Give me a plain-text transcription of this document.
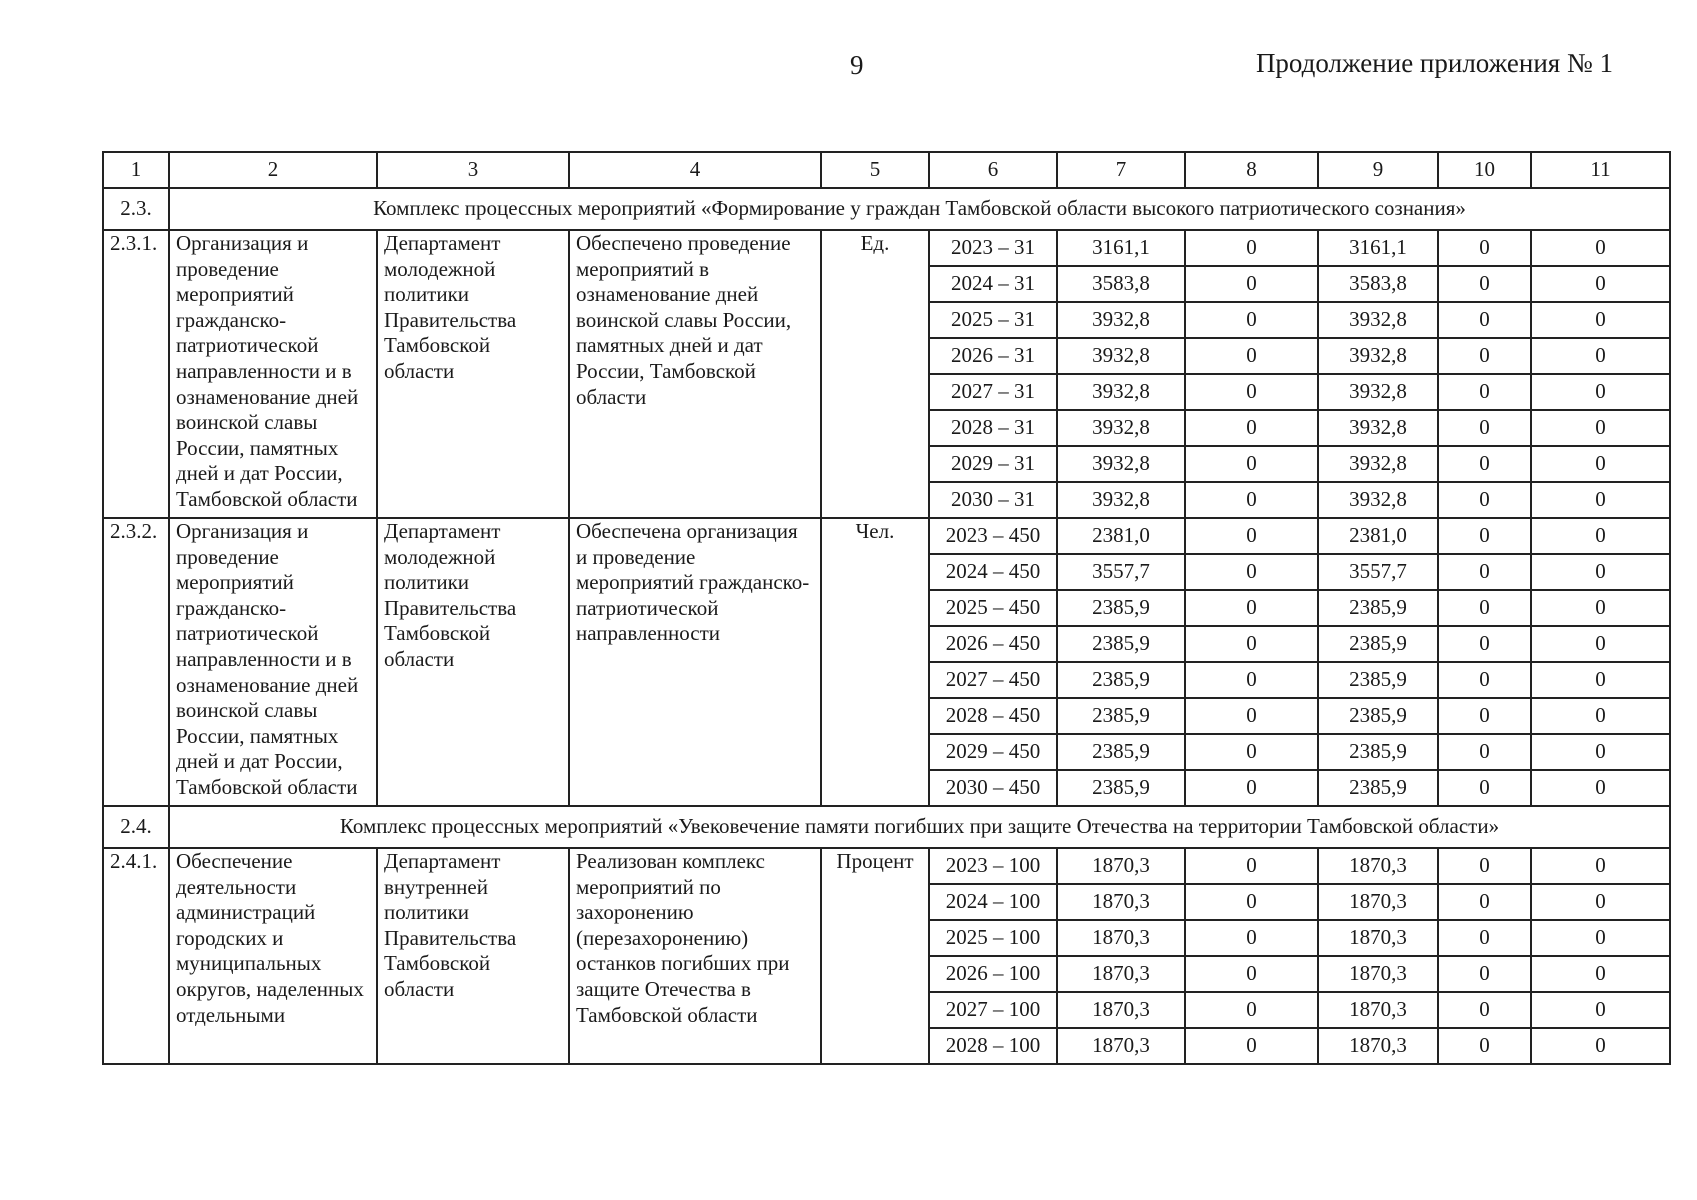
9	Продолжение приложения № 1
1	2	3	4	5	6	7	8	9	10	11
2.3.	Комплекс процессных мероприятий «Формирование у граждан Тамбовской области высокого патриотического сознания»									
2.3.1.	Организация и проведение мероприятий гражданско-патриотической направленности и в ознаменование дней воинской славы России, памятных дней и дат России, Тамбовской области	Департамент молодежной политики Правительства Тамбовской области	Обеспечено проведение мероприятий в ознаменование дней воинской славы России, памятных дней и дат России, Тамбовской области	Ед.	2023 – 31	3161,1	0	3161,1	0	0
					2024 – 31	3583,8	0	3583,8	0	0
					2025 – 31	3932,8	0	3932,8	0	0
					2026 – 31	3932,8	0	3932,8	0	0
					2027 – 31	3932,8	0	3932,8	0	0
					2028 – 31	3932,8	0	3932,8	0	0
					2029 – 31	3932,8	0	3932,8	0	0
					2030 – 31	3932,8	0	3932,8	0	0
2.3.2.	Организация и проведение мероприятий гражданско-патриотической направленности и в ознаменование дней воинской славы России, памятных дней и дат России, Тамбовской области	Департамент молодежной политики Правительства Тамбовской области	Обеспечена организация и проведение мероприятий гражданско-патриотической направленности	Чел.	2023 – 450	2381,0	0	2381,0	0	0
					2024 – 450	3557,7	0	3557,7	0	0
					2025 – 450	2385,9	0	2385,9	0	0
					2026 – 450	2385,9	0	2385,9	0	0
					2027 – 450	2385,9	0	2385,9	0	0
					2028 – 450	2385,9	0	2385,9	0	0
					2029 – 450	2385,9	0	2385,9	0	0
					2030 – 450	2385,9	0	2385,9	0	0
2.4.	Комплекс процессных мероприятий «Увековечение памяти погибших при защите Отечества на территории Тамбовской области»									
2.4.1.	Обеспечение деятельности администраций городских и муниципальных округов, наделенных отдельными	Департамент внутренней политики Правительства Тамбовской области	Реализован комплекс мероприятий по захоронению (перезахоронению) останков погибших при защите Отечества в Тамбовской области	Процент	2023 – 100	1870,3	0	1870,3	0	0
					2024 – 100	1870,3	0	1870,3	0	0
					2025 – 100	1870,3	0	1870,3	0	0
					2026 – 100	1870,3	0	1870,3	0	0
					2027 – 100	1870,3	0	1870,3	0	0
					2028 – 100	1870,3	0	1870,3	0	0
